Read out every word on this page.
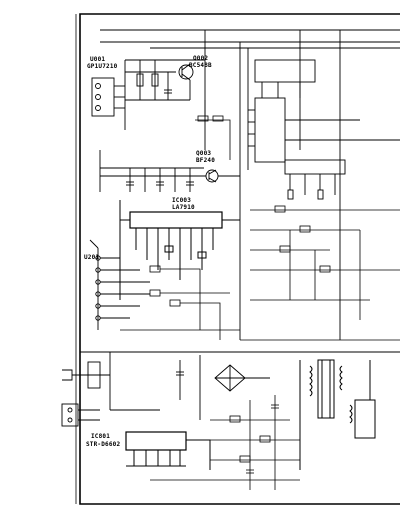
U001
GP1U7210
Q002
BC548B
Q003
BF240
IC003
LA7910
U201
IC801
STR-D6602
